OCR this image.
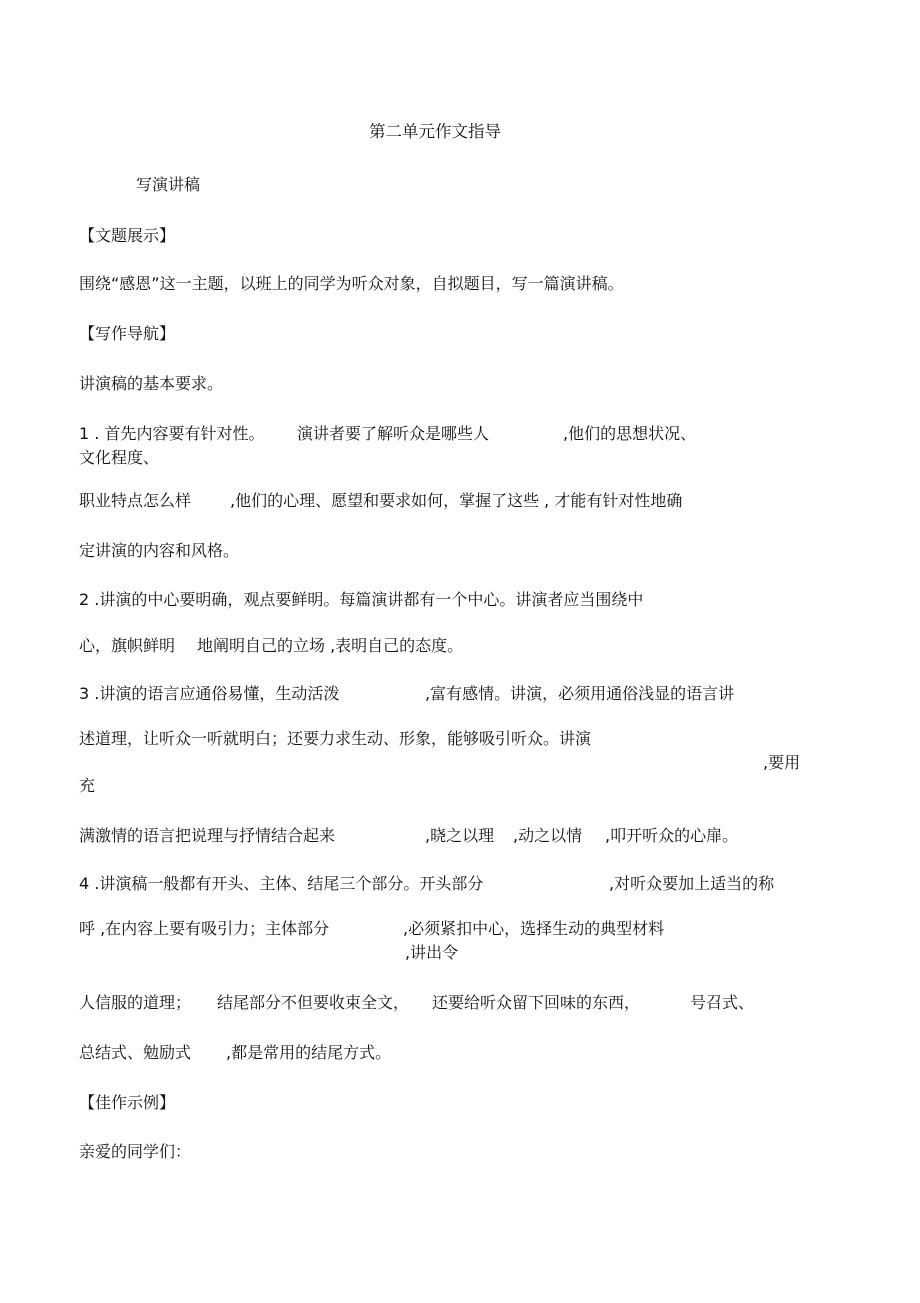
第二单元作文指导
写演讲稿
【文题展示】
围绕“感恩”这一主题，以班上的同学为听众对象，自拟题目，写一篇演讲稿。
【写作导航】
讲演稿的基本要求。
1 . 首先内容要有针对性。 演讲者要了解听众是哪些人	,他们的思想状况、
文化程度、
职业特点怎么样 ,他们的心理、愿望和要求如何，掌握了这些 , 才能有针对性地确
定讲演的内容和风格。
2 .讲演的中心要明确，观点要鲜明。每篇演讲都有一个中心。讲演者应当围绕中
心，旗帜鲜明 地阐明自己的立场 ,表明自己的态度。
3 .讲演的语言应通俗易懂，生动活泼	,富有感情。讲演，必须用通俗浅显的语言讲
述道理，让听众一听就明白；还要力求生动、形象，能够吸引听众。讲演
,要用
充
满激情的语言把说理与抒情结合起来	,晓之以理 ,动之以情 ,叩开听众的心扉。
4 .讲演稿一般都有开头、主体、结尾三个部分。开头部分	,对听众要加上适当的称
呼 ,在内容上要有吸引力；主体部分	,必须紧扣中心，选择生动的典型材料
,讲出令
人信服的道理； 结尾部分不但要收束全文， 还要给听众留下回味的东西，	号召式、
总结式、勉励式 ,都是常用的结尾方式。
【佳作示例】
亲爱的同学们：
